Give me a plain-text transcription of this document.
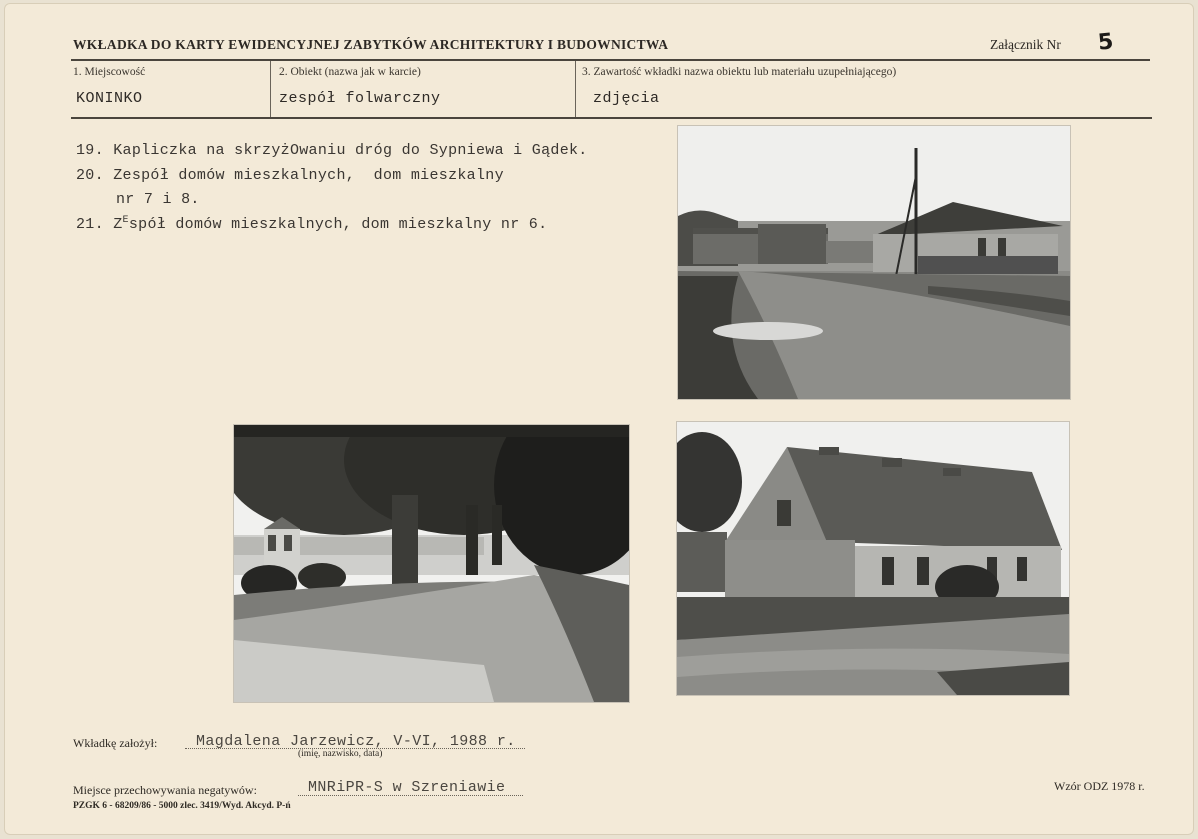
WKŁADKA DO KARTY EWIDENCYJNEJ ZABYTKÓW ARCHITEKTURY I BUDOWNICTWA	Załącznik Nr 5
1. Miejscowość
KONINKO
2. Obiekt (nazwa jak w karcie)
zespół folwarczny
3. Zawartość wkładki nazwa obiektu lub materiału uzupełniającego)
zdjęcia
19. Kapliczka na skrzyżOwaniu dróg do Sypniewa i Gądek.
20. Zespół domów mieszkalnych,  dom mieszkalny
nr 7 i 8.
21. $Z^Espół$ domów mieszkalnych, dom mieszkalny nr 6.
Wkładkę założył:	Magdalena Jarzewicz, V-VI, 1988 r.
(imię, nazwisko, data)
Miejsce przechowywania negatywów:	MNRiPR-S w Szreniawie
PZGK 6 - 68209/86 - 5000 zlec. 3419/Wyd. Akcyd. P-ń
Wzór ODZ 1978 r.
